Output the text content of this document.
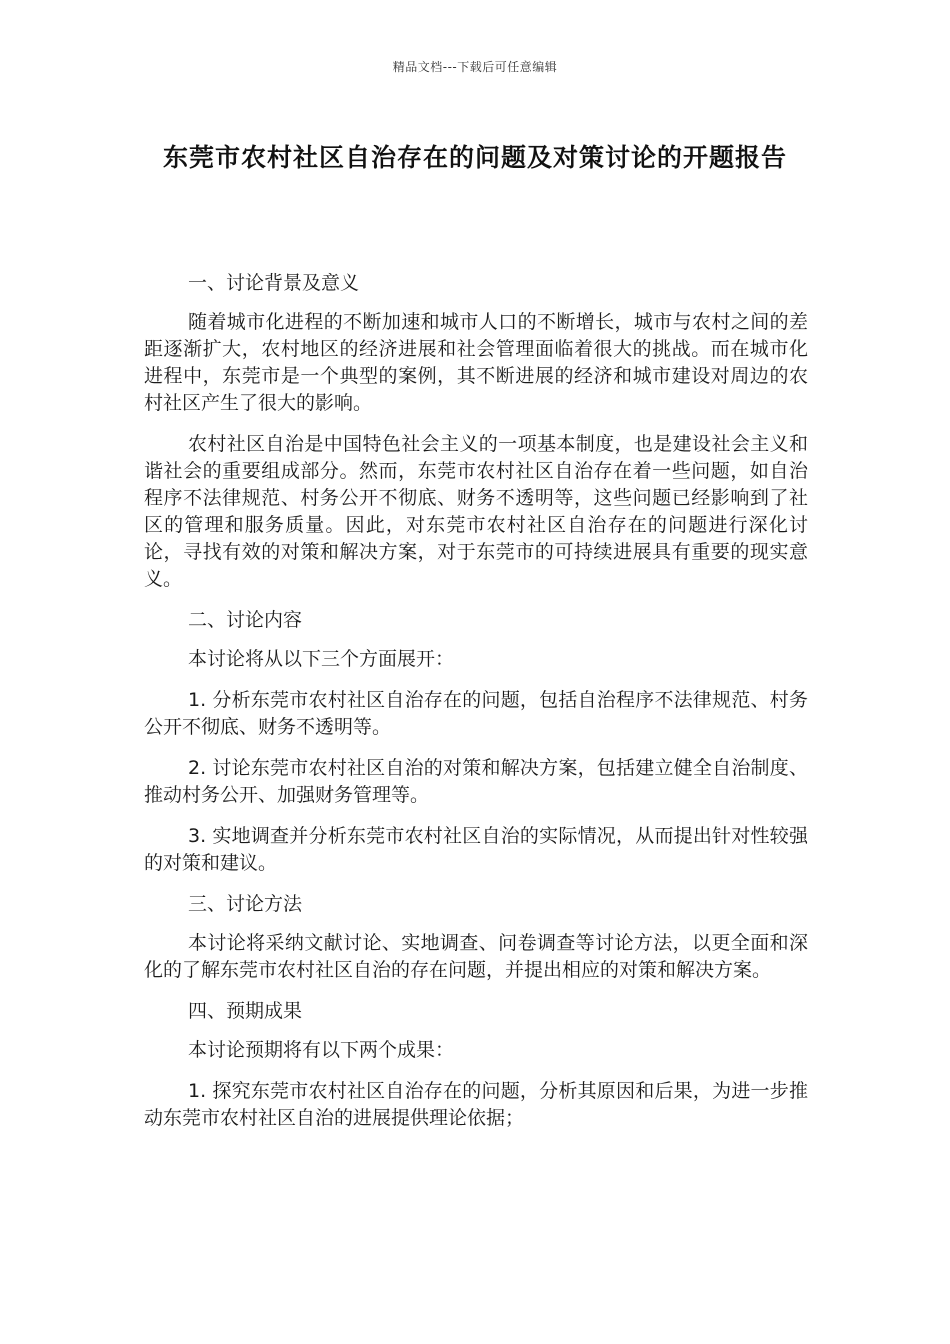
精品文档---下载后可任意编辑
东莞市农村社区自治存在的问题及对策讨论的开题报告

一、讨论背景及意义

随着城市化进程的不断加速和城市人口的不断增长，城市与农村之间的差距逐渐扩大，农村地区的经济进展和社会管理面临着很大的挑战。而在城市化进程中，东莞市是一个典型的案例，其不断进展的经济和城市建设对周边的农村社区产生了很大的影响。

农村社区自治是中国特色社会主义的一项基本制度，也是建设社会主义和谐社会的重要组成部分。然而，东莞市农村社区自治存在着一些问题，如自治程序不法律规范、村务公开不彻底、财务不透明等，这些问题已经影响到了社区的管理和服务质量。因此，对东莞市农村社区自治存在的问题进行深化讨论，寻找有效的对策和解决方案，对于东莞市的可持续进展具有重要的现实意义。

二、讨论内容

本讨论将从以下三个方面展开：

1. 分析东莞市农村社区自治存在的问题，包括自治程序不法律规范、村务公开不彻底、财务不透明等。

2. 讨论东莞市农村社区自治的对策和解决方案，包括建立健全自治制度、推动村务公开、加强财务管理等。

3. 实地调查并分析东莞市农村社区自治的实际情况，从而提出针对性较强的对策和建议。

三、讨论方法

本讨论将采纳文献讨论、实地调查、问卷调查等讨论方法，以更全面和深化的了解东莞市农村社区自治的存在问题，并提出相应的对策和解决方案。

四、预期成果

本讨论预期将有以下两个成果：

1. 探究东莞市农村社区自治存在的问题，分析其原因和后果，为进一步推动东莞市农村社区自治的进展提供理论依据；
